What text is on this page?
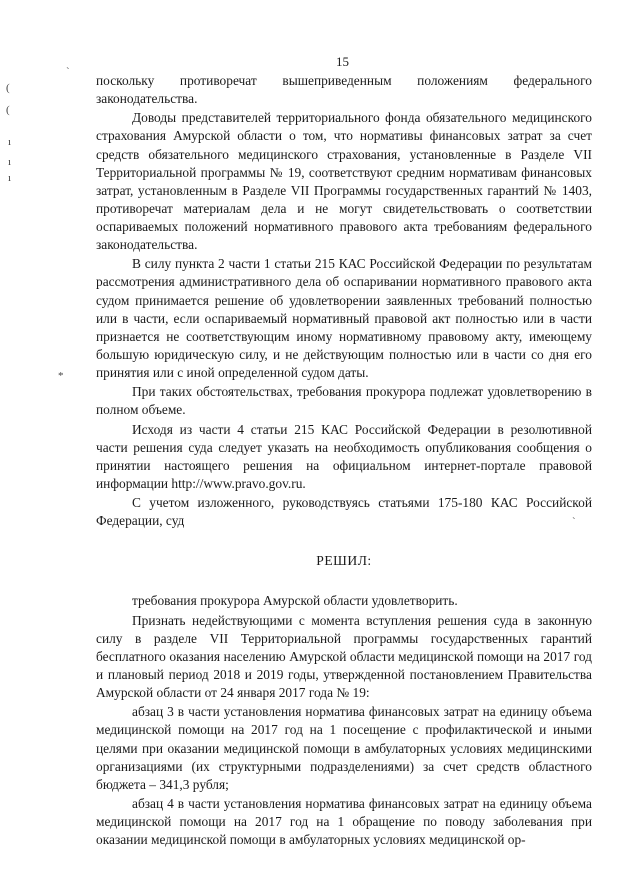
15
(
(
ı
ı
ı
*
ˋ
ˋ

поскольку противоречат вышеприведенным положениям федерального законодательства.

Доводы представителей территориального фонда обязательного медицинского страхования Амурской области о том, что нормативы финансовых затрат за счет средств обязательного медицинского страхования, установленные в Разделе VII Территориальной программы № 19, соответствуют средним нормативам финансовых затрат, установленным в Разделе VII Программы государственных гарантий № 1403, противоречат материалам дела и не могут свидетельствовать о соответствии оспариваемых положений нормативного правового акта требованиям федерального законодательства.

В силу пункта 2 части 1 статьи 215 КАС Российской Федерации по результатам рассмотрения административного дела об оспаривании нормативного правового акта судом принимается решение об удовлетворении заявленных требований полностью или в части, если оспариваемый нормативный правовой акт полностью или в части признается не соответствующим иному нормативному правовому акту, имеющему большую юридическую силу, и не действующим полностью или в части со дня его принятия или с иной определенной судом даты.

При таких обстоятельствах, требования прокурора подлежат удовлетворению в полном объеме.

Исходя из части 4 статьи 215 КАС Российской Федерации в резолютивной части решения суда следует указать на необходимость опубликования сообщения о принятии настоящего решения на официальном интернет-портале правовой информации http://www.pravo.gov.ru.

С учетом изложенного, руководствуясь статьями 175-180 КАС Российской Федерации, суд

РЕШИЛ:

требования прокурора Амурской области удовлетворить.

Признать недействующими с момента вступления решения суда в законную силу в разделе VII Территориальной программы государственных гарантий бесплатного оказания населению Амурской области медицинской помощи на 2017 год и плановый период 2018 и 2019 годы, утвержденной постановлением Правительства Амурской области от 24 января 2017 года № 19:

абзац 3 в части установления норматива финансовых затрат на единицу объема медицинской помощи на 2017 год на 1 посещение с профилактической и иными целями при оказании медицинской помощи в амбулаторных условиях медицинскими организациями (их структурными подразделениями) за счет средств областного бюджета – 341,3 рубля;

абзац 4 в части установления норматива финансовых затрат на единицу объема медицинской помощи на 2017 год на 1 обращение по поводу заболевания при оказании медицинской помощи в амбулаторных условиях медицинской ор-
